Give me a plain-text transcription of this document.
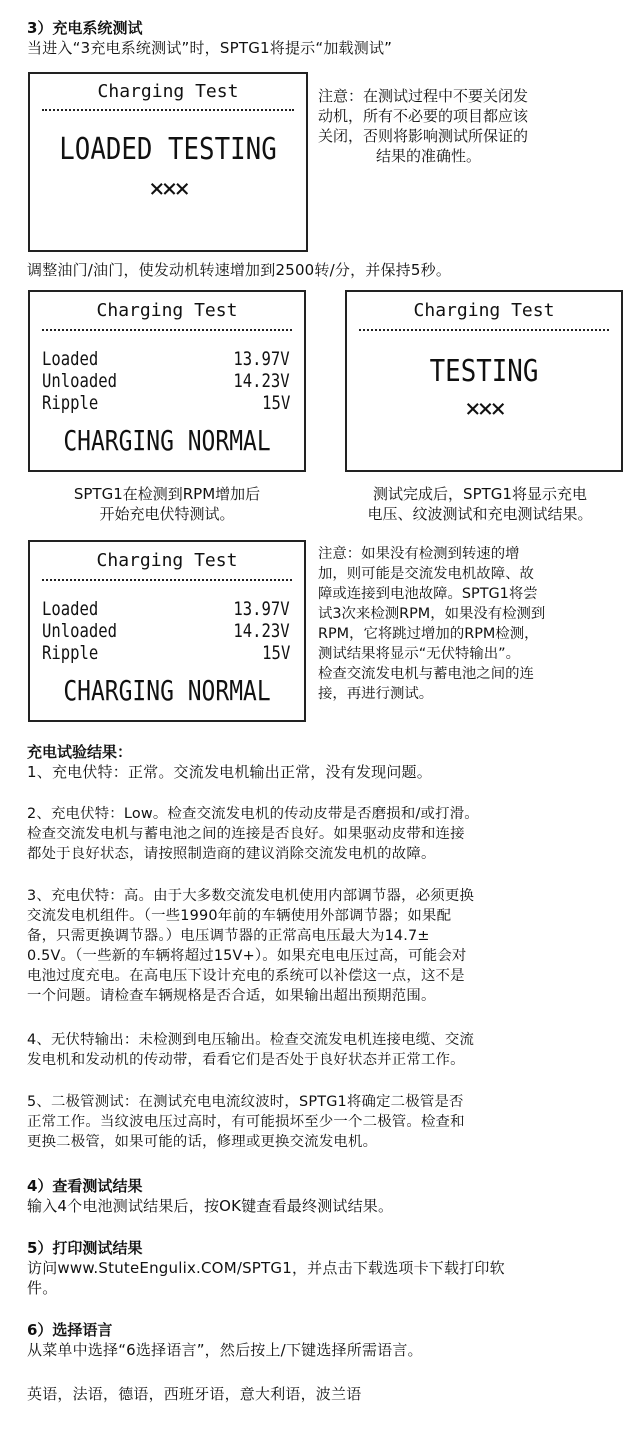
3）充电系统测试
当进入“3充电系统测试”时，SPTG1将提示“加载测试”
Charging Test
LOADED TESTING
×××
注意：在测试过程中不要关闭发
动机，所有不必要的项目都应该
关闭，否则将影响测试所保证的
结果的准确性。
调整油门/油门，使发动机转速增加到2500转/分，并保持5秒。
Charging Test
Loaded	13.97V
Unloaded	14.23V
Ripple	15V
CHARGING NORMAL
Charging Test
TESTING
×××
SPTG1在检测到RPM增加后
开始充电伏特测试。
测试完成后，SPTG1将显示充电
电压、纹波测试和充电测试结果。
Charging Test
Loaded	13.97V
Unloaded	14.23V
Ripple	15V
CHARGING NORMAL
注意：如果没有检测到转速的增
加，则可能是交流发电机故障、故
障或连接到电池故障。SPTG1将尝
试3次来检测RPM，如果没有检测到
RPM，它将跳过增加的RPM检测，
测试结果将显示“无伏特输出”。
检查交流发电机与蓄电池之间的连
接，再进行测试。
充电试验结果：
1、充电伏特：正常。交流发电机输出正常，没有发现问题。
2、充电伏特：Low。检查交流发电机的传动皮带是否磨损和/或打滑。
检查交流发电机与蓄电池之间的连接是否良好。如果驱动皮带和连接
都处于良好状态，请按照制造商的建议消除交流发电机的故障。
3、充电伏特：高。由于大多数交流发电机使用内部调节器，必须更换
交流发电机组件。（一些1990年前的车辆使用外部调节器；如果配
备，只需更换调节器。）电压调节器的正常高电压最大为14.7±
0.5V。（一些新的车辆将超过15V+）。如果充电电压过高，可能会对
电池过度充电。在高电压下设计充电的系统可以补偿这一点，这不是
一个问题。请检查车辆规格是否合适，如果输出超出预期范围。
4、无伏特输出：未检测到电压输出。检查交流发电机连接电缆、交流
发电机和发动机的传动带，看看它们是否处于良好状态并正常工作。
5、二极管测试：在测试充电电流纹波时，SPTG1将确定二极管是否
正常工作。当纹波电压过高时，有可能损坏至少一个二极管。检查和
更换二极管，如果可能的话，修理或更换交流发电机。
4）查看测试结果
输入4个电池测试结果后，按OK键查看最终测试结果。
5）打印测试结果
访问www.StuteEngulix.COM/SPTG1，并点击下载选项卡下载打印软
件。
6）选择语言
从菜单中选择“6选择语言”，然后按上/下键选择所需语言。
英语，法语，德语，西班牙语，意大利语，波兰语
